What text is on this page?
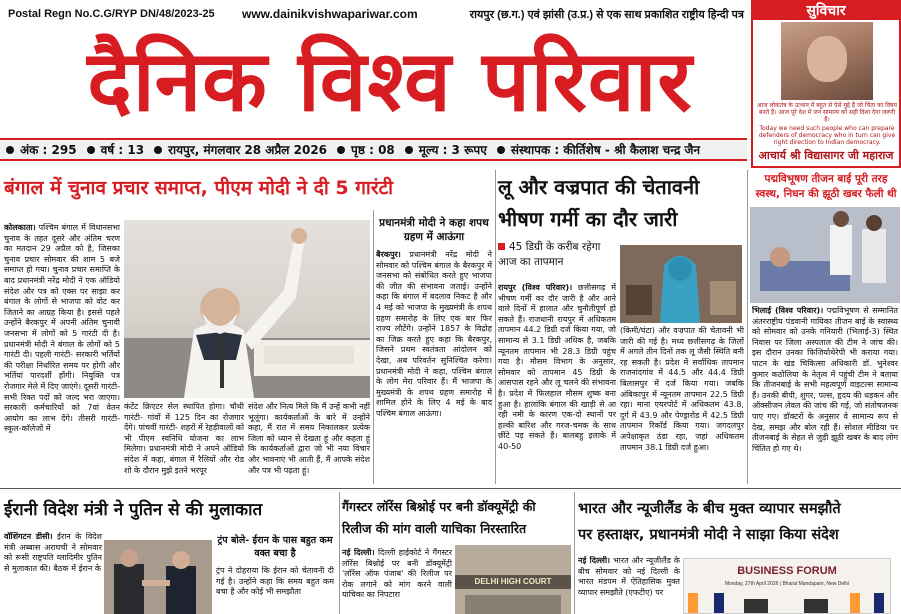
Postal Regn No.C.G/RYP DN/48/2023-25 www.dainikvishwapariwar.com	रायपुर (छ.ग.) एवं झांसी (उ.प्र.) से एक साथ प्रकाशित राष्ट्रीय हिन्दी पत्र
दैनिक विश्व परिवार
अंक : 295 वर्ष : 13 रायपुर, मंगलवार 28 अप्रैल 2026 पृष्ठ : 08 मूल्य : 3 रूपए संस्थापक : कीर्तिशेष - श्री कैलाश चन्द्र जैन
सुविचार
आज लोकतंत्र के उत्थान में बहुत से ऐसे मुद्दे हैं जो चिंता का विषय बनते हैं। आज पूरे देश में जन सामान्य को सही दिशा देना जरूरी है।
Today we need such people who can prepare defenders of democracy who in turn can give right direction to Indian democracy.
आचार्य श्री विद्यासागर जी महाराज
बंगाल में चुनाव प्रचार समाप्त, पीएम मोदी ने दी 5 गारंटी
कोलकाता। पश्चिम बंगाल में विधानसभा चुनाव के तहत दूसरे और अंतिम चरण का मतदान 29 अप्रैल को है, जिसका चुनाव प्रचार सोमवार की शाम 5 बजे समाप्त हो गया। चुनाव प्रचार समाप्ति के बाद प्रधानमंत्री नरेंद्र मोदी ने एक ऑडियो संदेश और पत्र को एक्स पर साझा कर बंगाल के लोगों से भाजपा को वोट कर जिताने का आग्रह किया है। इससे पहले उन्होंने बैरकपुर में अपनी अंतिम चुनावी जनसभा में लोगों को 5 गारंटी दी है। प्रधानमंत्री मोदी ने बंगाल के लोगों को 5 गारंटी दी। पहली गारंटी- सरकारी भर्तियों की परीक्षा निर्धारित समय पर होगी और भर्तियां पारदर्शी होंगी। नियुक्ति पत्र रोजगार मेले में दिए जाएंगे। दूसरी गारंटी- सभी रिक्त पदों को जल्द भरा जाएगा। सरकारी कर्मचारियों को 7वां वेतन आयोग का लाभ देंगे। तीसरी गारंटी- स्कूल-कॉलेजों में
कंटेंट क्रिएटर सेल स्थापित होगा। चौथी गारंटी- गांवों में 125 दिन का रोजगार देंगे। पांचवीं गारंटी- शहरों में रेहड़ीवालों को भी पीएम स्वनिधि योजना का लाभ मिलेगा। प्रधानमंत्री मोदी ने अपने ऑडियो संदेश में कहा, बंगाल में रैलियों और रोड शो के दौरान मुझे इतने भरपूर
संदेश और नित्य मिले कि मैं उन्हें कभी नहीं भूलूंगा। कार्यकर्ताओं के बारे में उन्होंने कहा, मैं रात में समय निकालकर प्रत्येक जिला को ध्यान से देखता हूं और कहता हूं कि कार्यकर्ताओं द्वारा जो भी नया विचार और भावनाएं भी आती हैं, मैं आपके संदेश और पत्र भी पढ़ता हूं।
प्रधानमंत्री मोदी ने कहा शपथ ग्रहण में आऊंगा
बैरकपुर। प्रधानमंत्री नरेंद्र मोदी ने सोमवार को पश्चिम बंगाल के बैरकपुर में जनसभा को संबोधित करते हुए भाजपा की जीत की संभावना जताई। उन्होंने कहा कि बंगाल में बदलाव निकट है और 4 मई को भाजपा के मुख्यमंत्री के शपथ ग्रहण समारोह के लिए एक बार फिर राज्य लौटेंगे। उन्होंने 1857 के विद्रोह का जिक्र करते हुए कहा कि बैरकपुर, जिसने प्रथम स्वतंत्रता आंदोलन को देखा, अब परिवर्तन सुनिश्चित करेगा। प्रधानमंत्री मोदी ने कहा, पश्चिम बंगाल के लोग मेरा परिवार हैं। मैं भाजपा के मुख्यमंत्री के शपथ ग्रहण समारोह में शामिल होने के लिए 4 मई के बाद पश्चिम बंगाल आऊंगा।
लू और वज्रपात की चेतावनी
भीषण गर्मी का दौर जारी
45 डिग्री के करीब रहेगा आज का तापमान
रायपुर (विश्व परिवार)। छत्तीसगढ़ में भीषण गर्मी का दौर जारी है और आने वाले दिनों में हालात और चुनौतीपूर्ण हो सकते हैं। राजधानी रायपुर में अधिकतम तापमान 44.2 डिग्री दर्ज किया गया, जो सामान्य से 3.1 डिग्री अधिक है, जबकि न्यूनतम तापमान भी 28.3 डिग्री पहुंच गया है। मौसम विभाग के अनुसार, सोमवार को तापमान 45 डिग्री के आसपास रहने और लू चलने की संभावना है। प्रदेश में फिलहाल मौसम शुष्क बना हुआ है। हालांकि बंगाल की खाड़ी से आ रही नमी के कारण एक-दो स्थानों पर हल्की बारिश और गरज-चमक के साथ छींटे पड़ सकते हैं। बालबहु इलाके में 40-50
(किमी/घंटा) और वज्रपात की चेतावनी भी जारी की गई है। मध्य छत्तीसगढ़ के जिलों में अगले तीन दिनों तक लू जैसी स्थिति बनी रह सकती है। प्रदेश में सर्वाधिक तापमान राजनांदगांव में 44.5 और 44.4 डिग्री बिलासपुर में दर्ज किया गया। जबकि अंबिकापुर में न्यूनतम तापमान 22.5 डिग्री रहा। माना एयरपोर्ट में अधिकतम 43.8, दुर्ग में 43.9 और पेण्ड्रारोड में 42.5 डिग्री तापमान रिकॉर्ड किया गया। जगदलपुर अपेक्षाकृत ठंडा रहा, जहां अधिकतम तापमान 38.1 डिग्री दर्ज हुआ।
पद्मविभूषण तीजन बाई पूरी तरह स्वस्थ, निधन की झूठी खबर फैली थी
भिलाई (विश्व परिवार)। पद्मविभूषण से सम्मानित अंतरराष्ट्रीय पंडवानी गायिका तीजन बाई के स्वास्थ्य को सोमवार को उनके गनियारी (भिलाई-3) स्थित निवास पर जिला अस्पताल की टीम ने जांच की। इस दौरान उनका फिजियोथेरेपी भी कराया गया। पाटन के खंड चिकित्सा अधिकारी डॉ. भुनेश्वर कुमार कठोलिया के नेतृत्व में पहुंची टीम ने बताया कि तीजनबाई के सभी महत्वपूर्ण वाइटल्स सामान्य हैं। उनकी बीपी, शुगर, पल्स, हृदय की धड़कन और ऑक्सीजन लेवल की जांच की गई, जो संतोषजनक पाए गए। डॉक्टरों के अनुसार वे सामान्य रूप से देख, समझ और बोल रही हैं। सोशल मीडिया पर तीजनबाई के सेहत से जुड़ी झूठी खबर के बाद लोग चिंतित हो गए थे।
ईरानी विदेश मंत्री ने पुतिन से की मुलाकात
वॉशिंगटन डीसी। ईरान के विदेश मंत्री अब्बास अराघची ने सोमवार को रूसी राष्ट्रपति व्लादिमीर पुतिन से मुलाकात की। बैठक में ईरान के
ट्रंप बोले- ईरान के पास बहुत कम वक्त बचा है
ट्रंप ने दोहराया कि ईरान को चेतावनी दी गई है। उन्होंने कहा कि समय बहुत कम बचा है और कोई भी समझौता
गैंगस्टर लॉरेंस बिश्नोई पर बनी डॉक्यूमेंट्री की
रिलीज की मांग वाली याचिका निरस्तारित
नई दिल्ली। दिल्ली हाईकोर्ट ने गैंगस्टर लॉरेंस बिश्नोई पर बनी डॉक्यूमेंट्री 'लॉरेंस ऑफ पंजाब' की रिलीज पर रोक लगाने को मांग करने वाली याचिका का निपटारा
DELHI HIGH COURT
भारत और न्यूजीलैंड के बीच मुक्त व्यापार समझौते
पर हस्ताक्षर, प्रधानमंत्री मोदी ने साझा किया संदेश
नई दिल्ली। भारत और न्यूजीलैंड के बीच सोमवार को नई दिल्ली के भारत मंडपम में ऐतिहासिक मुक्त व्यापार समझौते (एफटीए) पर
BUSINESS FORUM
Monday, 27th April 2026 | Bharat Mandapam, New Delhi
